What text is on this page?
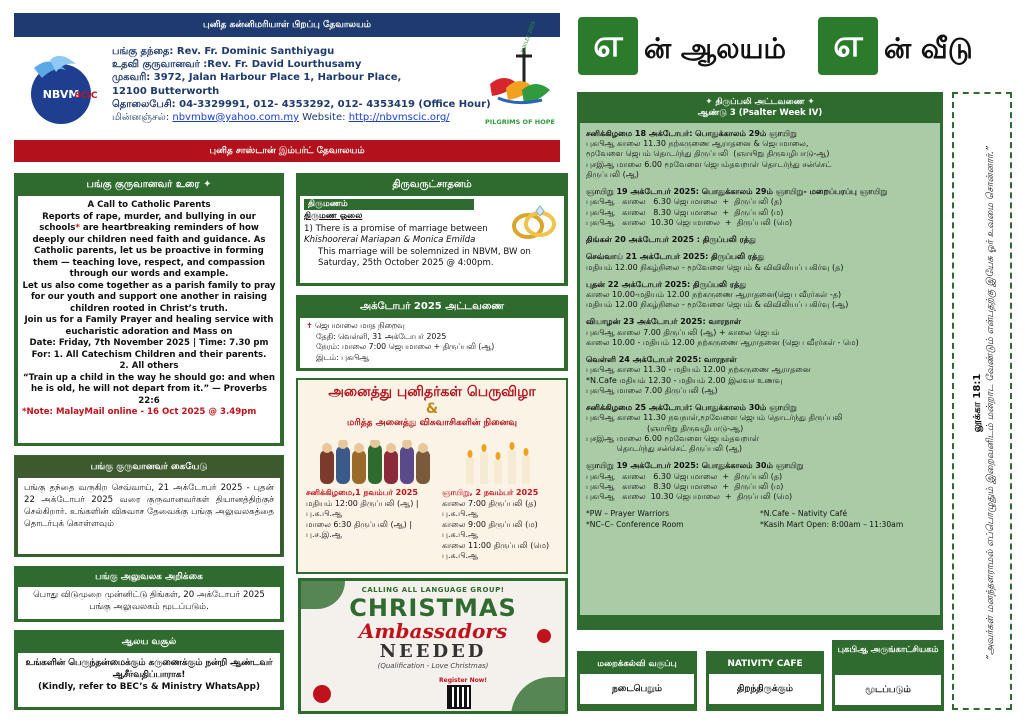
புனித கன்னிமரியாள் பிறப்பு தேவாலயம்
NBVM
SCIC
பங்கு தந்தை: Rev. Fr. Dominic Santhiyagu
உதவி குருவானவர் :Rev. Fr. David Lourthusamy
முகவரி: 3972, Jalan Harbour Place 1, Harbour Place,
12100 Butterworth
தொலைபேசி: 04-3329991, 012- 4353292, 012- 4353419 (Office Hour)
மின்னஞ்சல்: nbvmbw@yahoo.com.my Website: http://nbvmscic.org/
JUBILEE 2025
PILGRIMS OF HOPE
புனித சாஸ்டான் இம்பர்ட் தேவாலயம்
எ ன் ஆலயம்	எ ன் வீடு
பங்கு குருவானவர் உரை ✦
A Call to Catholic Parents
Reports of rape, murder, and bullying in our schools* are heartbreaking reminders of how deeply our children need faith and guidance. As Catholic parents, let us be proactive in forming them — teaching love, respect, and compassion through our words and example.
Let us also come together as a parish family to pray for our youth and support one another in raising children rooted in Christ’s truth.
Join us for a Family Prayer and healing service with eucharistic adoration and Mass on
Date: Friday, 7th November 2025 | Time: 7.30 pm
For: 1. All Catechism Children and their parents.
2. All others
“Train up a child in the way he should go: and when he is old, he will not depart from it.” — Proverbs 22:6
*Note: MalayMail online - 16 Oct 2025 @ 3.49pm
பங்கு குருவானவர் கையேடு
பங்கு தந்தை வருகிற செவ்வாய், 21 அக்டோபர் 2025 - புதன் 22 அக்டோபர் 2025 வரை குருவானவர்கள் தியானத்திற்குச் செல்கிறார். உங்களின் விசுவாச தேவைக்கு பங்கு அலுவலகத்தை தொடர்புக் கொள்ளவும்
பங்கு அலுவலக அறிக்கை
பொது விடுமுறை முன்னிட்டு திங்கள், 20 அக்டோபர் 2025 பங்கு அலுவலகம் மூடப்படும்.
ஆலய வசூல்
உங்களின் பெருந்தன்மைக்கும் கருணைக்கும் நன்றி ஆண்டவர் ஆசீர்வதிப்பாராக!
(Kindly, refer to BEC’s & Ministry WhatsApp)
திருவருட்சாதனம்
திருமணம்
திருமண ஓலை
1) There is a promise of marriage between Khishoorerai Mariapan & Monica Emilda
This marriage will be solemnized in NBVM, BW on Saturday, 25th October 2025 @ 4:00pm.
அக்டோபர் 2025 அட்டவணை
✝ ஜெபமாலை மாத நிறைவு
தேதி: வெள்ளி, 31 அக்டோபர் 2025
நேரம்: மாலை 7:00 ஜெபமாலை + திருப்பலி (ஆ)
இடம்: புகபிஆ
அனைத்து புனிதர்கள் பெருவிழா
&
மரித்த அனைத்து விசுவாசிகளின் நினைவு
சனிக்கிழமை,1 நவம்பர் 2025
மதியம் 12:00 திருப்பலி (ஆ) | பு.க.பி.ஆ
மாலை 6:30 திருப்பலி (ஆ) | பு.ச.இ.ஆ
ஞாயிறு, 2 நவம்பர் 2025
காலை 7:00 திருப்பலி (த) பு.க.பி.ஆ
காலை 9:00 திருப்பலி (ம) பு.க.பி.ஆ
காலை 11:00 திருப்பலி (மெ) பு.க.பி.ஆ
CALLING ALL LANGUAGE GROUP!
CHRISTMAS
Ambassadors
NEEDED
(Qualification - Love Christmas)
Register Now!
✦ திருப்பலி அட்டவணை ✦
ஆண்டு 3 (Psalter Week IV)
சனிக்கிழமை 18 அக்டோபர்: பொதுக்காலம் 29ம் ஞாயிறு
புகபிஆ காலை 11.30 நற்கருணை ஆராதனை & ஜெபமாலை,
மூவேளை ஜெபம் தொடர்ந்து திருப்பலி  (ஞாயிறு திருவழிபாடு-ஆ)
புசஇஆ மாலை 6.00 மூவேளை ஜெபம்தவறாள் தொடர்ந்து சன்செட்
திருப்பலி (ஆ)
ஞாயிறு 19 அக்டோபர் 2025: பொதுக்காலம் 29ம் ஞாயிறு- மறைப்பரப்பு ஞாயிறு
புகபிஆ   காலை   6.30 ஜெபமாலை  +  திருப்பலி (த)
புகபிஆ   காலை   8.30 ஜெபமாலை  +  திருப்பலி (ம)
புகபிஆ   காலை  10.30 ஜெபமாலை  +  திருப்பலி (மெ)
திங்கள் 20 அக்டோபர் 2025 : திருப்பலி ரத்து
செவ்வாய் 21 அக்டோபர் 2025: திருப்பலி ரத்து
மதியம் 12.00 நிகழ்நிலை - மூவேளை ஜெபம் & விவிலியப் பகிர்வு (த)
புதன் 22 அக்டோபர் 2025: திருப்பலி ரத்து
காலை 10.00-மதியம் 12.00 நற்கருணை ஆராதனை(ஜெப வீரர்கள் -த)
மதியம் 12.00 நிகழ்நிலை - மூவேளை ஜெபம் & விவிலியப் பகிர்வு (ஆ)
வியாழன் 23 அக்டோபர் 2025: வாரநாள்
புகபிஆ காலை 7.00 திருப்பலி (ஆ) + காலை ஜெபம்
காலை 10.00 - மதியம் 12.00 நற்கருணை ஆராதனை (ஜெப வீரர்கள் - மெ)
வெள்ளி 24 அக்டோபர் 2025: வாரநாள்
புகபிஆ காலை 11.30 - மதியம் 12.00 நற்கருணை ஆராதனை
*N.Cafe மதியம் 12.30 - மதியம் 2.00 இலவச உணவு
புகபிஆ மாலை 7.00 திருப்பலி (ஆ)
சனிக்கிழமை 25 அக்டோபர்: பொதுக்காலம் 30ம் ஞாயிறு
புகபிஆ காலை 11.30 நவநாள்,மூவேளை ஜெபம் தொடர்ந்து திருப்பலி
(ஞாயிறு திருவழிபாடு-ஆ)
புசஇஆ மாலை 6.00 மூவேளை ஜெபம்தவறாள்
தொடர்ந்து சன்செட் திருப்பலி (ஆ)
ஞாயிறு 19 அக்டோபர் 2025: பொதுக்காலம் 30ம் ஞாயிறு
புகபிஆ   காலை   6.30 ஜெபமாலை  +  திருப்பலி (த)
புகபிஆ   காலை   8.30 ஜெபமாலை  +  திருப்பலி (ம)
புகபிஆ   காலை  10.30 ஜெபமாலை  +  திருப்பலி (மெ)
*PW – Prayer Warriors	*N.Cafe – Nativity Café
*NC–C– Conference Room	*Kasih Mart Open: 8:00am – 11:30am
லூக்கா 18:1 “அவர்கள் மனந்தளராமல் எப்பொழுதும் இறைவனிடம் மன்றாட வேண்டும் என்பதற்கு இயேசு ஓர் உவமை சொன்னார்.”
மறைக்கல்வி வகுப்பு
நடைபெறும்
NATIVITY CAFE
திறந்திருக்கும்
புகபிஆ அருங்காட்சியகம்
மூடப்படும்
